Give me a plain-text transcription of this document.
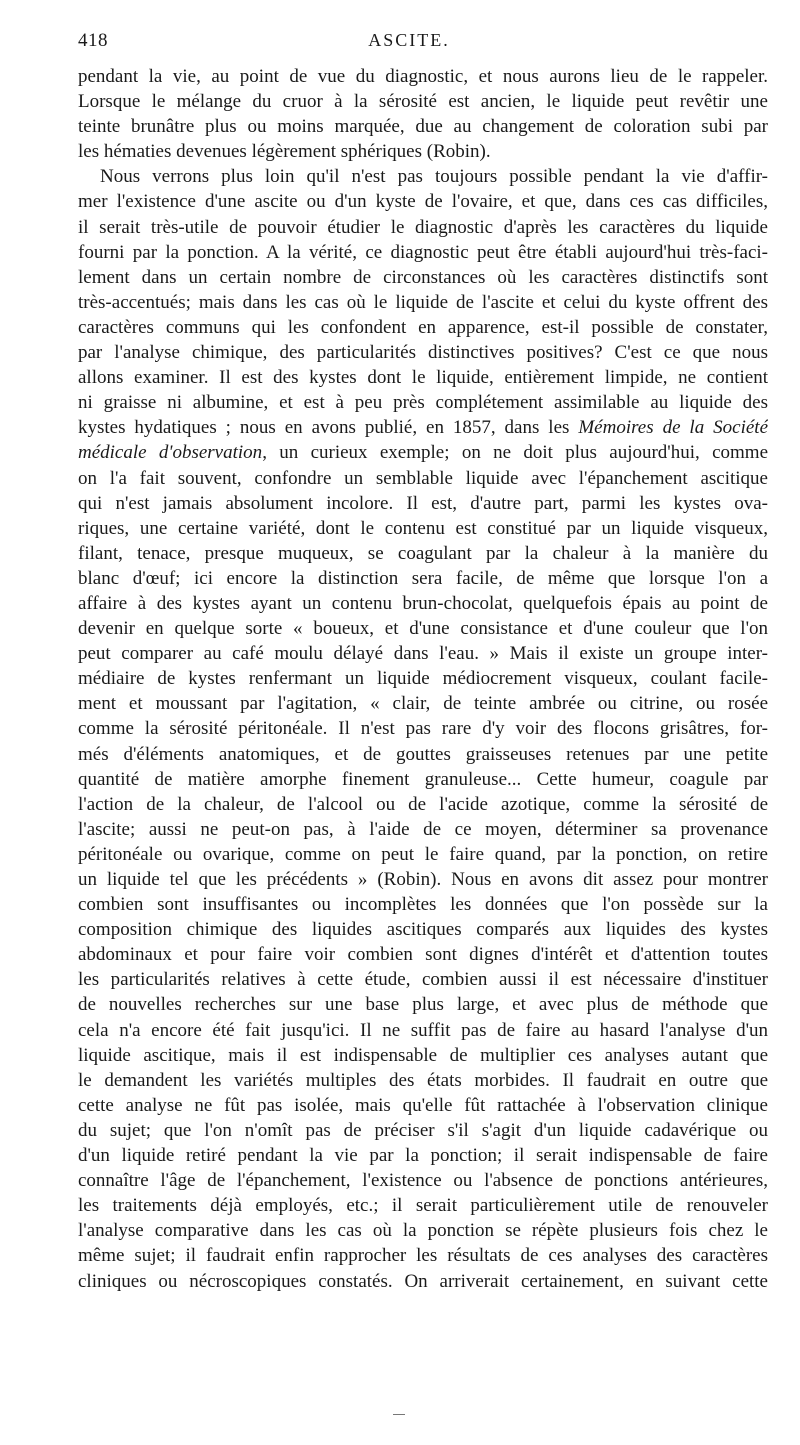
418	ASCITE.
pendant la vie, au point de vue du diagnostic, et nous aurons lieu de le rappeler.
Lorsque le mélange du cruor à la sérosité est ancien, le liquide peut revêtir une
teinte brunâtre plus ou moins marquée, due au changement de coloration subi par
les hématies devenues légèrement sphériques (Robin).
Nous verrons plus loin qu'il n'est pas toujours possible pendant la vie d'affir-
mer l'existence d'une ascite ou d'un kyste de l'ovaire, et que, dans ces cas difficiles,
il serait très-utile de pouvoir étudier le diagnostic d'après les caractères du liquide
fourni par la ponction. A la vérité, ce diagnostic peut être établi aujourd'hui très-faci-
lement dans un certain nombre de circonstances où les caractères distinctifs sont
très-accentués; mais dans les cas où le liquide de l'ascite et celui du kyste offrent des
caractères communs qui les confondent en apparence, est-il possible de constater,
par l'analyse chimique, des particularités distinctives positives? C'est ce que nous
allons examiner. Il est des kystes dont le liquide, entièrement limpide, ne contient
ni graisse ni albumine, et est à peu près complétement assimilable au liquide des
kystes hydatiques ; nous en avons publié, en 1857, dans les Mémoires de la Société
médicale d'observation, un curieux exemple; on ne doit plus aujourd'hui, comme
on l'a fait souvent, confondre un semblable liquide avec l'épanchement ascitique
qui n'est jamais absolument incolore. Il est, d'autre part, parmi les kystes ova-
riques, une certaine variété, dont le contenu est constitué par un liquide visqueux,
filant, tenace, presque muqueux, se coagulant par la chaleur à la manière du
blanc d'œuf; ici encore la distinction sera facile, de même que lorsque l'on a
affaire à des kystes ayant un contenu brun-chocolat, quelquefois épais au point de
devenir en quelque sorte « boueux, et d'une consistance et d'une couleur que l'on
peut comparer au café moulu délayé dans l'eau. » Mais il existe un groupe inter-
médiaire de kystes renfermant un liquide médiocrement visqueux, coulant facile-
ment et moussant par l'agitation, « clair, de teinte ambrée ou citrine, ou rosée
comme la sérosité péritonéale. Il n'est pas rare d'y voir des flocons grisâtres, for-
més d'éléments anatomiques, et de gouttes graisseuses retenues par une petite
quantité de matière amorphe finement granuleuse... Cette humeur, coagule par
l'action de la chaleur, de l'alcool ou de l'acide azotique, comme la sérosité de
l'ascite; aussi ne peut-on pas, à l'aide de ce moyen, déterminer sa provenance
péritonéale ou ovarique, comme on peut le faire quand, par la ponction, on retire
un liquide tel que les précédents » (Robin). Nous en avons dit assez pour montrer
combien sont insuffisantes ou incomplètes les données que l'on possède sur la
composition chimique des liquides ascitiques comparés aux liquides des kystes
abdominaux et pour faire voir combien sont dignes d'intérêt et d'attention toutes
les particularités relatives à cette étude, combien aussi il est nécessaire d'instituer
de nouvelles recherches sur une base plus large, et avec plus de méthode que
cela n'a encore été fait jusqu'ici. Il ne suffit pas de faire au hasard l'analyse d'un
liquide ascitique, mais il est indispensable de multiplier ces analyses autant que
le demandent les variétés multiples des états morbides. Il faudrait en outre que
cette analyse ne fût pas isolée, mais qu'elle fût rattachée à l'observation clinique
du sujet; que l'on n'omît pas de préciser s'il s'agit d'un liquide cadavérique ou
d'un liquide retiré pendant la vie par la ponction; il serait indispensable de faire
connaître l'âge de l'épanchement, l'existence ou l'absence de ponctions antérieures,
les traitements déjà employés, etc.; il serait particulièrement utile de renouveler
l'analyse comparative dans les cas où la ponction se répète plusieurs fois chez le
même sujet; il faudrait enfin rapprocher les résultats de ces analyses des caractères
cliniques ou nécroscopiques constatés. On arriverait certainement, en suivant cette
